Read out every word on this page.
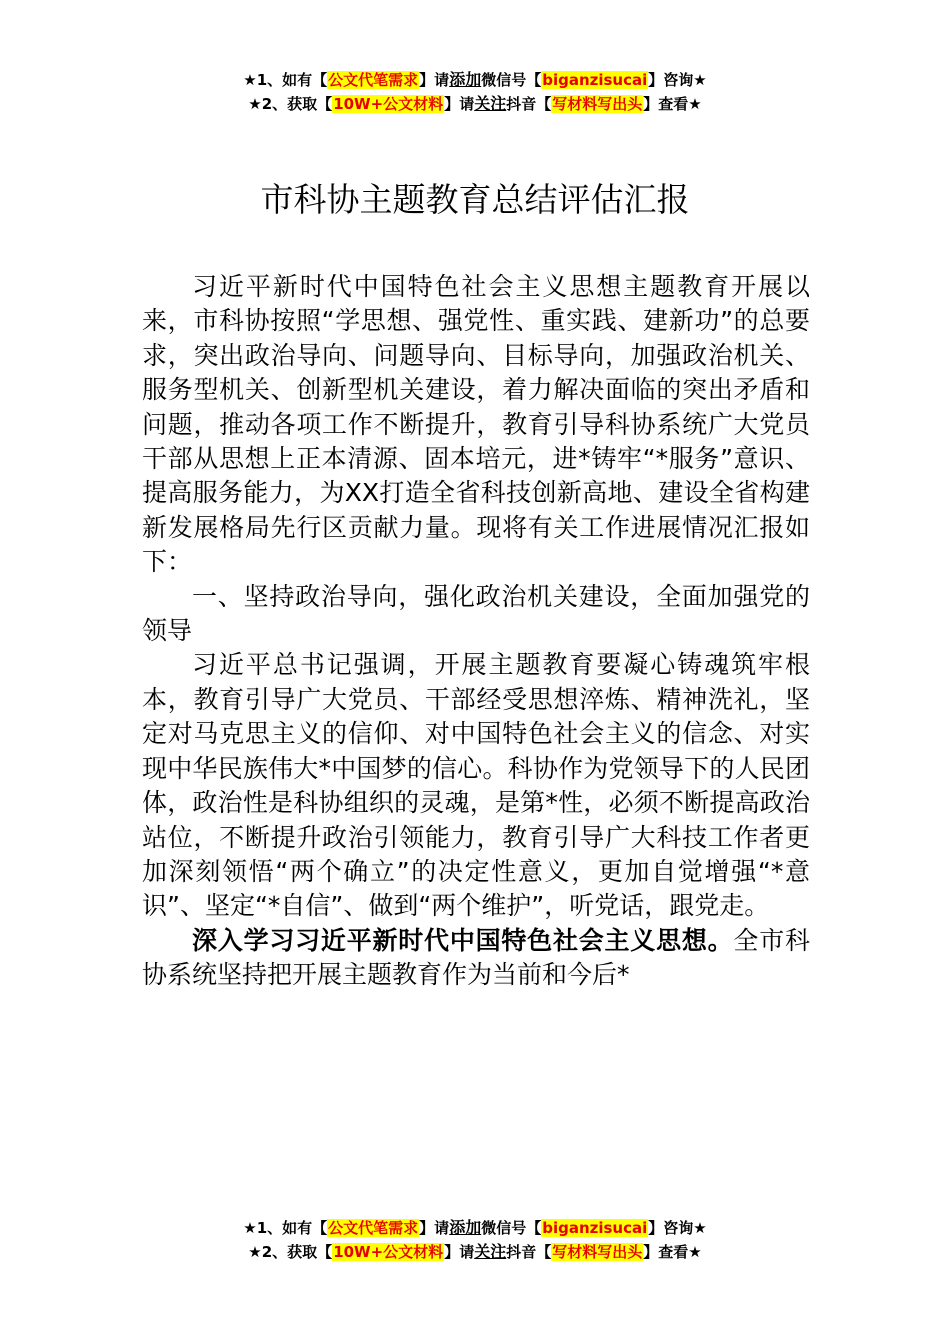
★1、如有【公文代笔需求】请添加微信号【biganzisucai】咨询★
★2、获取【10W+公文材料】请关注抖音【写材料写出头】查看★
市科协主题教育总结评估汇报

习近平新时代中国特色社会主义思想主题教育开展以来，市科协按照“学思想、强党性、重实践、建新功”的总要求，突出政治导向、问题导向、目标导向，加强政治机关、服务型机关、创新型机关建设，着力解决面临的突出矛盾和问题，推动各项工作不断提升，教育引导科协系统广大党员干部从思想上正本清源、固本培元，进*铸牢“*服务”意识、提高服务能力，为XX打造全省科技创新高地、建设全省构建新发展格局先行区贡献力量。现将有关工作进展情况汇报如下：

一、坚持政治导向，强化政治机关建设，全面加强党的领导

习近平总书记强调，开展主题教育要凝心铸魂筑牢根本，教育引导广大党员、干部经受思想淬炼、精神洗礼，坚定对马克思主义的信仰、对中国特色社会主义的信念、对实现中华民族伟大*中国梦的信心。科协作为党领导下的人民团体，政治性是科协组织的灵魂，是第*性，必须不断提高政治站位，不断提升政治引领能力，教育引导广大科技工作者更加深刻领悟“两个确立”的决定性意义，更加自觉增强“*意识”、坚定“*自信”、做到“两个维护”，听党话，跟党走。

深入学习习近平新时代中国特色社会主义思想。全市科协系统坚持把开展主题教育作为当前和今后*

★1、如有【公文代笔需求】请添加微信号【biganzisucai】咨询★
★2、获取【10W+公文材料】请关注抖音【写材料写出头】查看★
